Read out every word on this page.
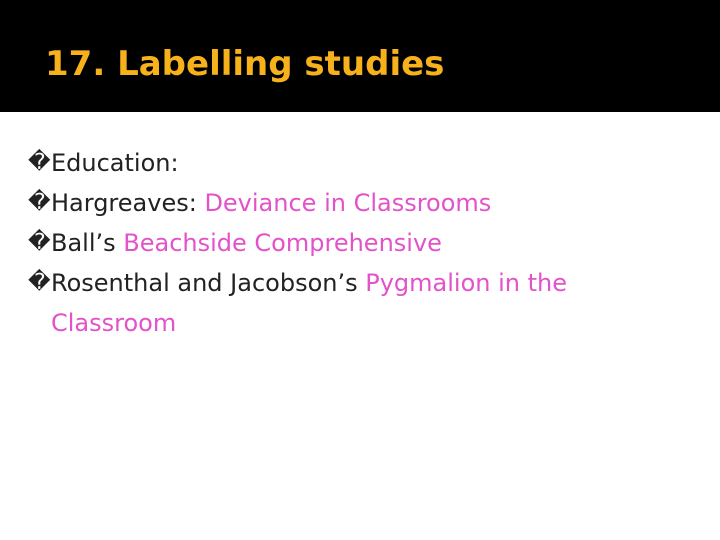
17. Labelling studies
� Education:
� Hargreaves: Deviance in Classrooms
� Ball’s Beachside Comprehensive
� Rosenthal and Jacobson’s Pygmalion in the Classroom
